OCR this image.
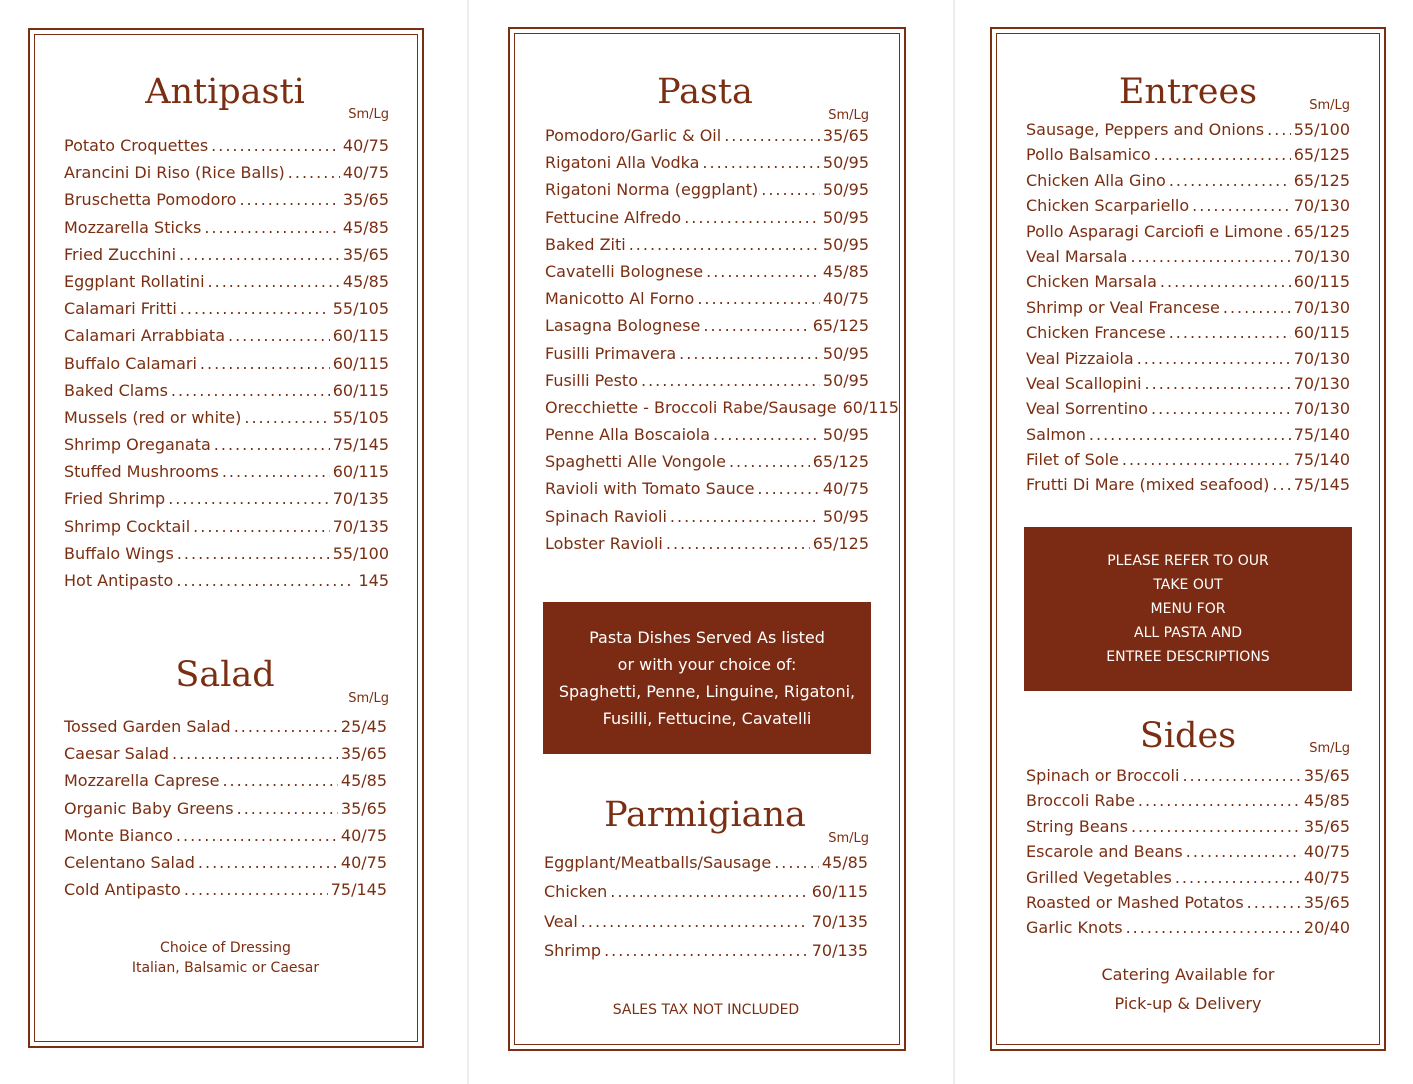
Antipasti
Sm/Lg
Potato Croquettes .....	40/75
Arancini Di Riso (Rice Balls) .....	40/75
Bruschetta Pomodoro .....	35/65
Mozzarella Sticks .....	45/85
Fried Zucchini .....	35/65
Eggplant Rollatini .....	45/85
Calamari Fritti .....	55/105
Calamari Arrabbiata .....	60/115
Buffalo Calamari .....	60/115
Baked Clams .....	60/115
Mussels (red or white) .....	55/105
Shrimp Oreganata .....	75/145
Stuffed Mushrooms .....	60/115
Fried Shrimp .....	70/135
Shrimp Cocktail .....	70/135
Buffalo Wings .....	55/100
Hot Antipasto .....	145
Salad
Sm/Lg
Tossed Garden Salad .....	25/45
Caesar Salad .....	35/65
Mozzarella Caprese .....	45/85
Organic Baby Greens .....	35/65
Monte Bianco .....	40/75
Celentano Salad .....	40/75
Cold Antipasto .....	75/145
Choice of Dressing
Italian, Balsamic or Caesar
Pasta
Sm/Lg
Pomodoro/Garlic & Oil .....	35/65
Rigatoni Alla Vodka .....	50/95
Rigatoni Norma (eggplant) .....	50/95
Fettucine Alfredo .....	50/95
Baked Ziti .....	50/95
Cavatelli Bolognese .....	45/85
Manicotto Al Forno .....	40/75
Lasagna Bolognese .....	65/125
Fusilli Primavera .....	50/95
Fusilli Pesto .....	50/95
Orecchiette - Broccoli Rabe/Sausage 60/115
Penne Alla Boscaiola .....	50/95
Spaghetti Alle Vongole .....	65/125
Ravioli with Tomato Sauce .....	40/75
Spinach Ravioli .....	50/95
Lobster Ravioli .....	65/125
Pasta Dishes Served As listed
or with your choice of:
Spaghetti, Penne, Linguine, Rigatoni,
Fusilli, Fettucine, Cavatelli
Parmigiana
Sm/Lg
Eggplant/Meatballs/Sausage .....	45/85
Chicken .....	60/115
Veal .....	70/135
Shrimp .....	70/135
SALES TAX NOT INCLUDED
Entrees	Sm/Lg
Sausage, Peppers and Onions ..... 55/100
Pollo Balsamico .....	65/125
Chicken Alla Gino .....	65/125
Chicken Scarpariello .....	70/130
Pollo Asparagi Carciofi e Limone ..... 65/125
Veal Marsala .....	70/130
Chicken Marsala .....	60/115
Shrimp or Veal Francese .....	70/130
Chicken Francese .....	60/115
Veal Pizzaiola .....	70/130
Veal Scallopini .....	70/130
Veal Sorrentino .....	70/130
Salmon .....	75/140
Filet of Sole .....	75/140
Frutti Di Mare (mixed seafood) ..... 75/145
PLEASE REFER TO OUR
TAKE OUT
MENU FOR
ALL PASTA AND
ENTREE DESCRIPTIONS
Sides	Sm/Lg
Spinach or Broccoli .....	35/65
Broccoli Rabe .....	45/85
String Beans .....	35/65
Escarole and Beans .....	40/75
Grilled Vegetables .....	40/75
Roasted or Mashed Potatos .....	35/65
Garlic Knots .....	20/40
Catering Available for
Pick-up & Delivery
